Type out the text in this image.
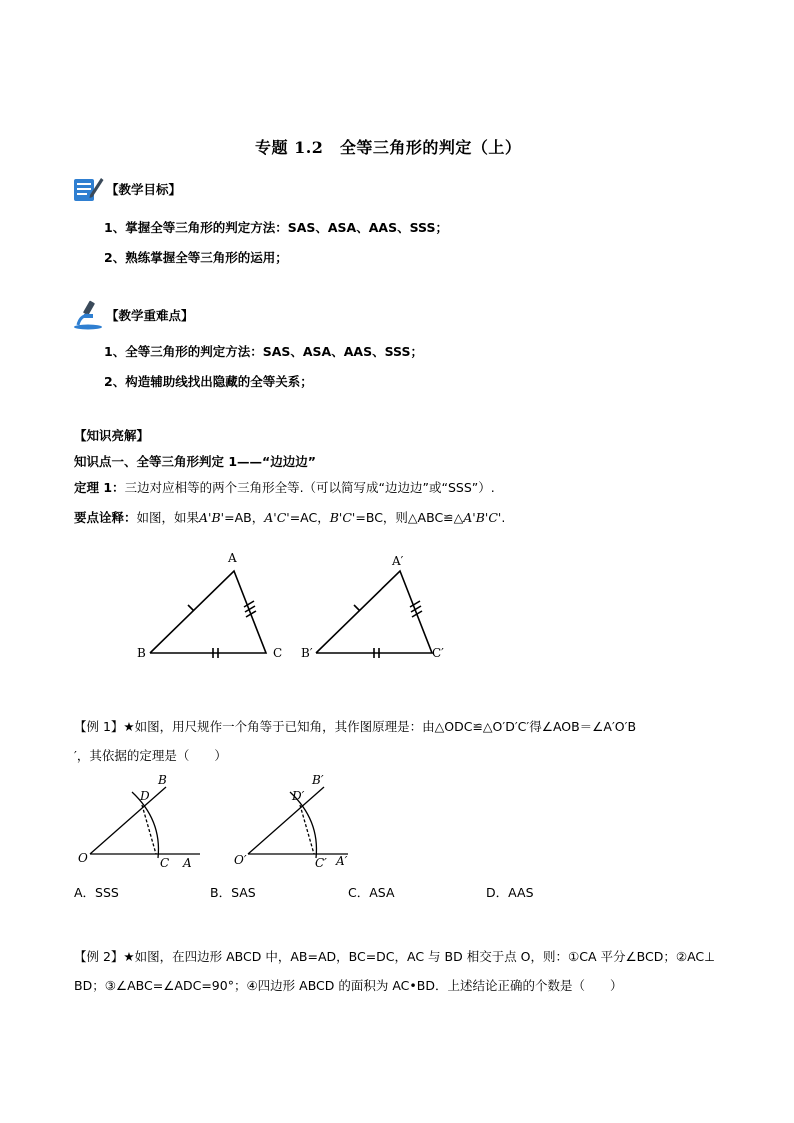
专题 1.2　全等三角形的判定（上）
【教学目标】
1、掌握全等三角形的判定方法：SAS、ASA、AAS、SSS；
2、熟练掌握全等三角形的运用；
【教学重难点】
1、全等三角形的判定方法：SAS、ASA、AAS、SSS；
2、构造辅助线找出隐藏的全等关系；
【知识亮解】
知识点一、全等三角形判定 1——“边边边”
定理 1：三边对应相等的两个三角形全等.（可以简写成“边边边”或“SSS”）.
要点诠释：如图，如果A'B'=AB，A'C'=AC，B'C'=BC，则△ABC≌△A'B'C'.
A
B	C
A′
B′	C′
【例 1】★如图，用尺规作一个角等于已知角，其作图原理是：由△ODC≌△O′D′C′得∠AOB＝∠A′O′B
′，其依据的定理是（　　）
O
D
B
C A	O′
D′
B′
C′ A′
A．SSS	B．SAS	C．ASA	D．AAS
【例 2】★如图，在四边形 ABCD 中，AB=AD，BC=DC，AC 与 BD 相交于点 O，则：①CA 平分∠BCD；②AC⊥
BD；③∠ABC=∠ADC=90°；④四边形 ABCD 的面积为 AC•BD．上述结论正确的个数是（　　）
